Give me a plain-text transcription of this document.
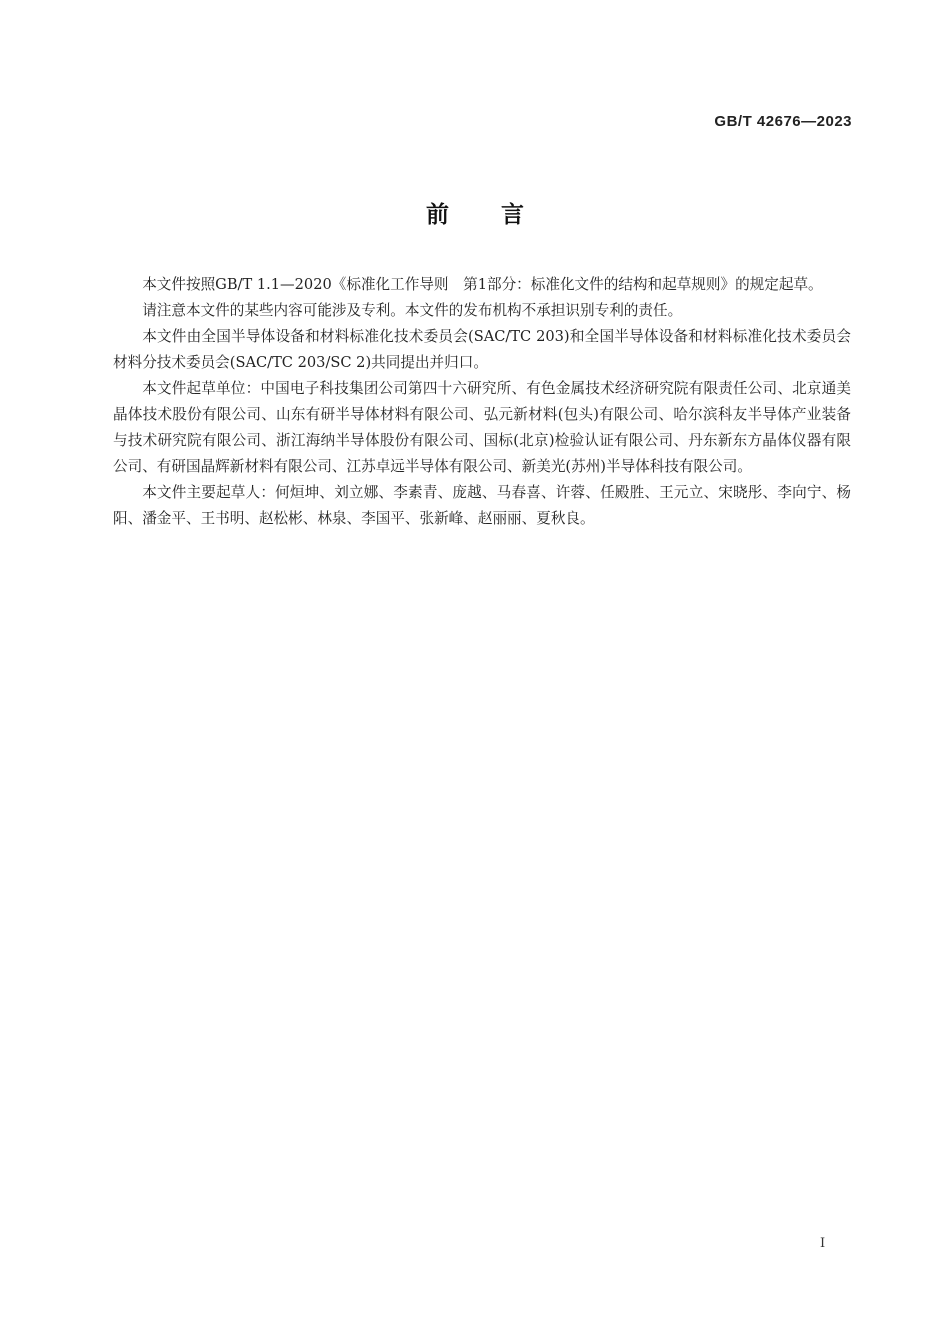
GB/T 42676—2023
前言

本文件按照GB/T 1.1—2020《标准化工作导则　第1部分：标准化文件的结构和起草规则》的规定起草。

请注意本文件的某些内容可能涉及专利。本文件的发布机构不承担识别专利的责任。

本文件由全国半导体设备和材料标准化技术委员会(SAC/TC 203)和全国半导体设备和材料标准化技术委员会材料分技术委员会(SAC/TC 203/SC 2)共同提出并归口。

本文件起草单位：中国电子科技集团公司第四十六研究所、有色金属技术经济研究院有限责任公司、北京通美晶体技术股份有限公司、山东有研半导体材料有限公司、弘元新材料(包头)有限公司、哈尔滨科友半导体产业装备与技术研究院有限公司、浙江海纳半导体股份有限公司、国标(北京)检验认证有限公司、丹东新东方晶体仪器有限公司、有研国晶辉新材料有限公司、江苏卓远半导体有限公司、新美光(苏州)半导体科技有限公司。

本文件主要起草人：何烜坤、刘立娜、李素青、庞越、马春喜、许蓉、任殿胜、王元立、宋晓彤、李向宁、杨阳、潘金平、王书明、赵松彬、林泉、李国平、张新峰、赵丽丽、夏秋良。

I
